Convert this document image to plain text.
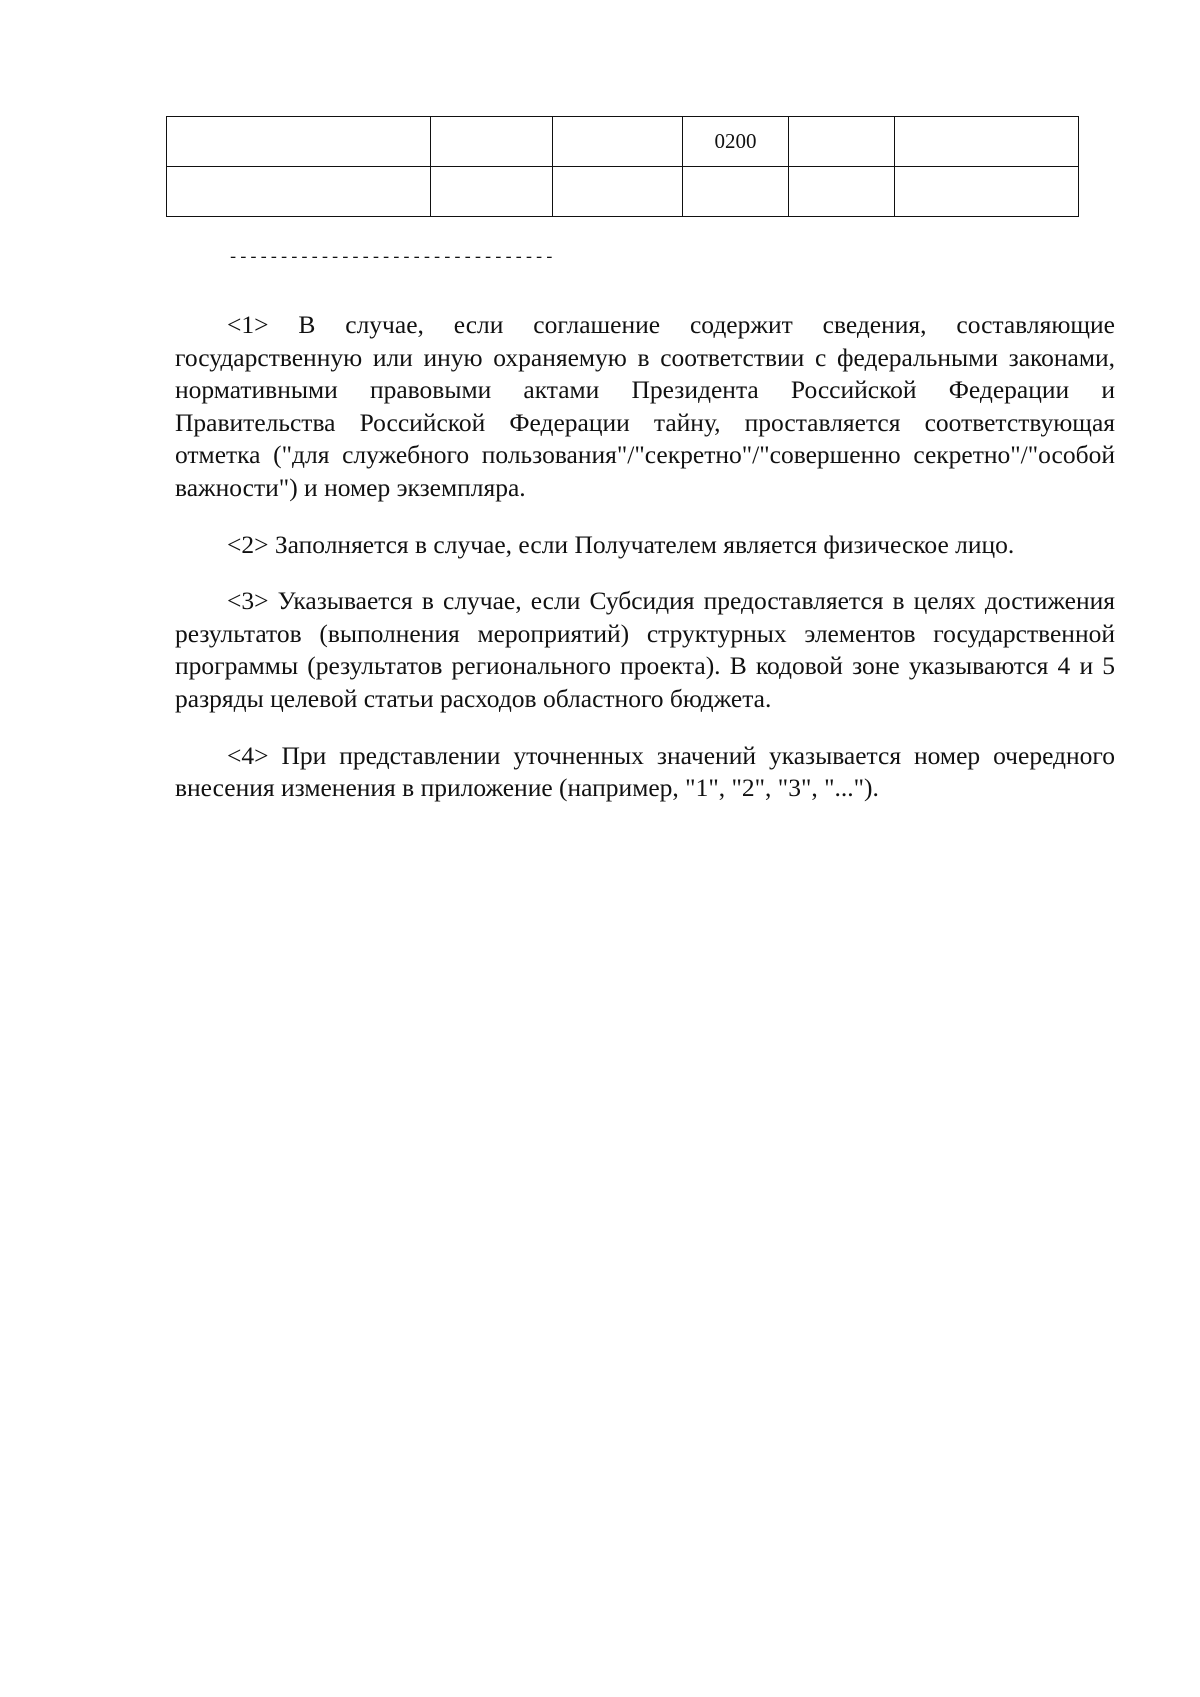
			0200		

--------------------------------

<1> В случае, если соглашение содержит сведения, составляющие государственную или иную охраняемую в соответствии с федеральными законами, нормативными правовыми актами Президента Российской Федерации и Правительства Российской Федерации тайну, проставляется соответствующая отметка ("для служебного пользования"/"секретно"/"совершенно секретно"/"особой важности") и номер экземпляра.

<2> Заполняется в случае, если Получателем является физическое лицо.

<3> Указывается в случае, если Субсидия предоставляется в целях достижения результатов (выполнения мероприятий) структурных элементов государственной программы (результатов регионального проекта). В кодовой зоне указываются 4 и 5 разряды целевой статьи расходов областного бюджета.

<4> При представлении уточненных значений указывается номер очередного внесения изменения в приложение (например, "1", "2", "3", "...").
